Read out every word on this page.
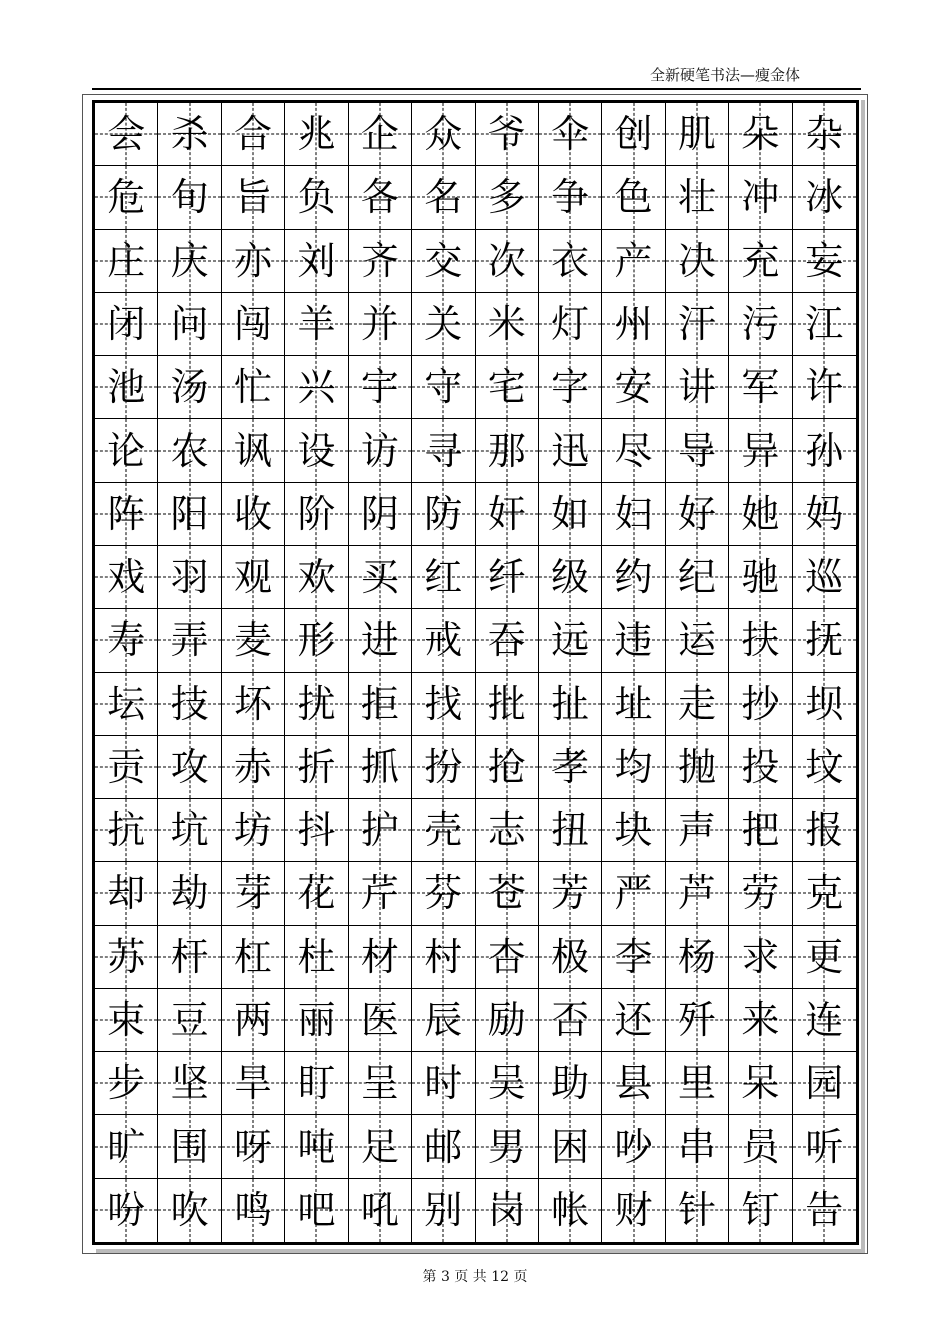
全新硬笔书法—瘦金体
会 杀 合 兆 企 众 爷 伞 创 肌 朵 杂
危 旬 旨 负 各 名 多 争 色 壮 冲 冰
庄 庆 亦 刘 齐 交 次 衣 产 决 充 妄
闭 问 闯 羊 并 关 米 灯 州 汗 污 江
池 汤 忙 兴 宇 守 宅 字 安 讲 军 许
论 农 讽 设 访 寻 那 迅 尽 导 异 孙
阵 阳 收 阶 阴 防 奸 如 妇 好 她 妈
戏 羽 观 欢 买 红 纤 级 约 纪 驰 巡
寿 弄 麦 形 进 戒 吞 远 违 运 扶 抚
坛 技 坏 扰 拒 找 批 扯 址 走 抄 坝
贡 攻 赤 折 抓 扮 抢 孝 均 抛 投 坟
抗 坑 坊 抖 护 壳 志 扭 块 声 把 报
却 劫 芽 花 芹 芬 苍 芳 严 芦 劳 克
苏 杆 杠 杜 材 村 杏 极 李 杨 求 更
束 豆 两 丽 医 辰 励 否 还 歼 来 连
步 坚 旱 盯 呈 时 吴 助 县 里 呆 园
旷 围 呀 吨 足 邮 男 困 吵 串 员 听
吩 吹 鸣 吧 吼 别 岗 帐 财 针 钉 告
第 3 页 共 12 页
